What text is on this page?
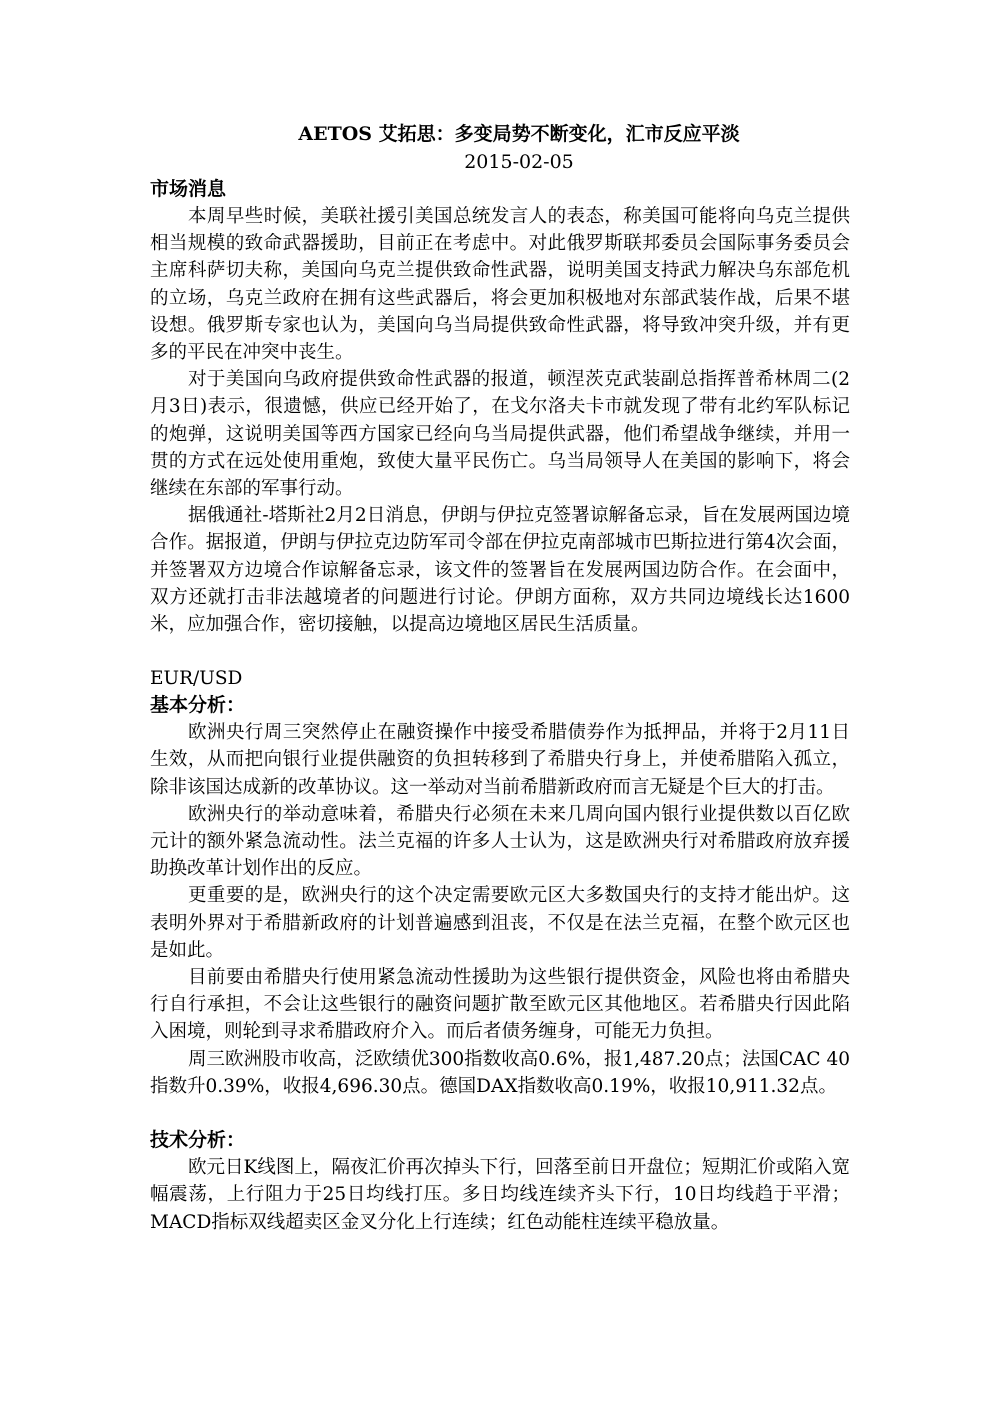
AETOS 艾拓思：多变局势不断变化，汇市反应平淡
2015-02-05
市场消息

本周早些时候，美联社援引美国总统发言人的表态，称美国可能将向乌克兰提供相当规模的致命武器援助，目前正在考虑中。对此俄罗斯联邦委员会国际事务委员会主席科萨切夫称，美国向乌克兰提供致命性武器，说明美国支持武力解决乌东部危机的立场，乌克兰政府在拥有这些武器后，将会更加积极地对东部武装作战，后果不堪设想。俄罗斯专家也认为，美国向乌当局提供致命性武器，将导致冲突升级，并有更多的平民在冲突中丧生。

对于美国向乌政府提供致命性武器的报道，顿涅茨克武装副总指挥普希林周二(2月3日)表示，很遗憾，供应已经开始了，在戈尔洛夫卡市就发现了带有北约军队标记的炮弹，这说明美国等西方国家已经向乌当局提供武器，他们希望战争继续，并用一贯的方式在远处使用重炮，致使大量平民伤亡。乌当局领导人在美国的影响下，将会继续在东部的军事行动。

据俄通社-塔斯社2月2日消息，伊朗与伊拉克签署谅解备忘录，旨在发展两国边境合作。据报道，伊朗与伊拉克边防军司令部在伊拉克南部城市巴斯拉进行第4次会面，并签署双方边境合作谅解备忘录，该文件的签署旨在发展两国边防合作。在会面中，双方还就打击非法越境者的问题进行讨论。伊朗方面称，双方共同边境线长达1600米，应加强合作，密切接触，以提高边境地区居民生活质量。

EUR/USD
基本分析：

欧洲央行周三突然停止在融资操作中接受希腊债券作为抵押品，并将于2月11日生效，从而把向银行业提供融资的负担转移到了希腊央行身上，并使希腊陷入孤立，除非该国达成新的改革协议。这一举动对当前希腊新政府而言无疑是个巨大的打击。

欧洲央行的举动意味着，希腊央行必须在未来几周向国内银行业提供数以百亿欧元计的额外紧急流动性。法兰克福的许多人士认为，这是欧洲央行对希腊政府放弃援助换改革计划作出的反应。

更重要的是，欧洲央行的这个决定需要欧元区大多数国央行的支持才能出炉。这表明外界对于希腊新政府的计划普遍感到沮丧，不仅是在法兰克福，在整个欧元区也是如此。

目前要由希腊央行使用紧急流动性援助为这些银行提供资金，风险也将由希腊央行自行承担，不会让这些银行的融资问题扩散至欧元区其他地区。若希腊央行因此陷入困境，则轮到寻求希腊政府介入。而后者债务缠身，可能无力负担。

周三欧洲股市收高，泛欧绩优300指数收高0.6%，报1,487.20点；法国CAC 40指数升0.39%，收报4,696.30点。德国DAX指数收高0.19%，收报10,911.32点。

技术分析：

欧元日K线图上，隔夜汇价再次掉头下行，回落至前日开盘位；短期汇价或陷入宽幅震荡，上行阻力于25日均线打压。多日均线连续齐头下行，10日均线趋于平滑；MACD指标双线超卖区金叉分化上行连续；红色动能柱连续平稳放量。
